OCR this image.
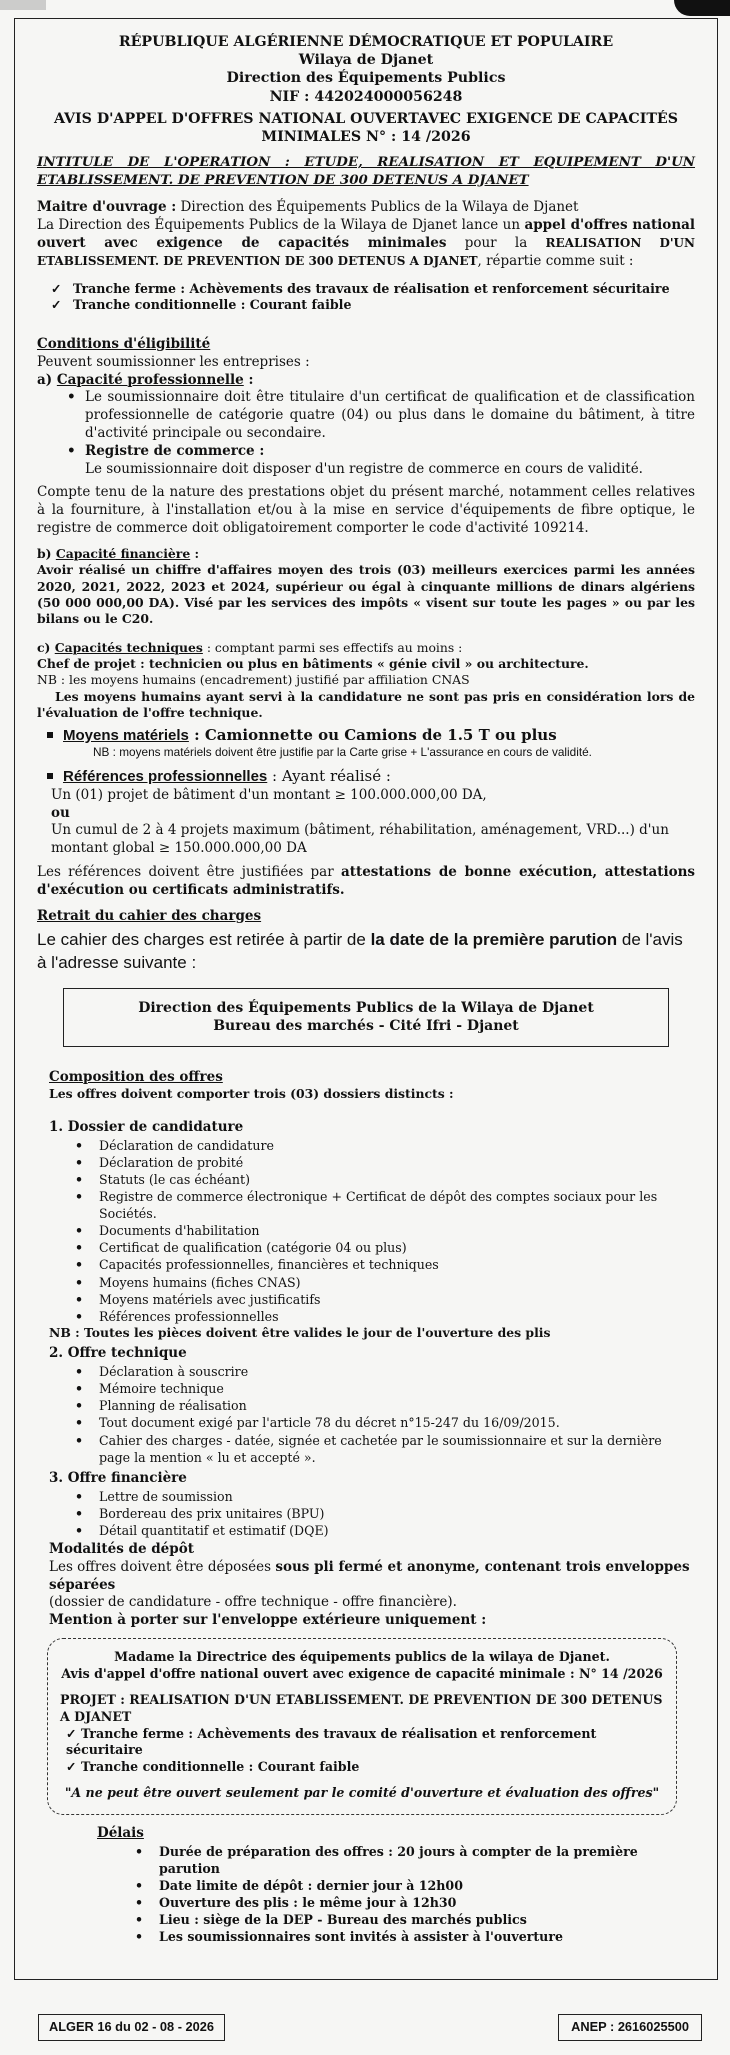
RÉPUBLIQUE ALGÉRIENNE DÉMOCRATIQUE ET POPULAIRE
Wilaya de Djanet
Direction des Équipements Publics
NIF : 442024000056248
AVIS D'APPEL D'OFFRES NATIONAL OUVERTAVEC EXIGENCE DE CAPACITÉS
MINIMALES N° : 14 /2026

INTITULE DE L'OPERATION : ETUDE, REALISATION ET EQUIPEMENT D'UN ETABLISSEMENT. DE PREVENTION DE 300 DETENUS A DJANET

Maitre d'ouvrage : Direction des Équipements Publics de la Wilaya de Djanet
La Direction des Équipements Publics de la Wilaya de Djanet lance un appel d'offres national ouvert avec exigence de capacités minimales pour la REALISATION D'UN ETABLISSEMENT. DE PREVENTION DE 300 DETENUS A DJANET, répartie comme suit :

✓ Tranche ferme : Achèvements des travaux de réalisation et renforcement sécuritaire
✓ Tranche conditionnelle : Courant faible
Conditions d'éligibilité

Peuvent soumissionner les entreprises :

a) Capacité professionnelle :

• Le soumissionnaire doit être titulaire d'un certificat de qualification et de classification professionnelle de catégorie quatre (04) ou plus dans le domaine du bâtiment, à titre d'activité principale ou secondaire.
• Registre de commerce :
Le soumissionnaire doit disposer d'un registre de commerce en cours de validité.

Compte tenu de la nature des prestations objet du présent marché, notamment celles relatives à la fourniture, à l'installation et/ou à la mise en service d'équipements de fibre optique, le registre de commerce doit obligatoirement comporter le code d'activité 109214.

b) Capacité financière :

Avoir réalisé un chiffre d'affaires moyen des trois (03) meilleurs exercices parmi les années 2020, 2021, 2022, 2023 et 2024, supérieur ou égal à cinquante millions de dinars algériens (50 000 000,00 DA). Visé par les services des impôts « visent sur toute les pages » ou par les bilans ou le C20.

c) Capacités techniques : comptant parmi ses effectifs au moins :

Chef de projet : technicien ou plus en bâtiments « génie civil » ou architecture.

NB : les moyens humains (encadrement) justifié par affiliation CNAS

Les moyens humains ayant servi à la candidature ne sont pas pris en considération lors de l'évaluation de l'offre technique.

Moyens matériels : Camionnette ou Camions de 1.5 T ou plus

NB : moyens matériels doivent être justifie par la Carte grise + L'assurance en cours de validité.

Références professionnelles : Ayant réalisé :

Un (01) projet de bâtiment d'un montant ≥ 100.000.000,00 DA,

ou

Un cumul de 2 à 4 projets maximum (bâtiment, réhabilitation, aménagement, VRD...) d'un montant global ≥ 150.000.000,00 DA

Les références doivent être justifiées par attestations de bonne exécution, attestations d'exécution ou certificats administratifs.

Retrait du cahier des charges

Le cahier des charges est retirée à partir de la date de la première parution de l'avis à l'adresse suivante :

Direction des Équipements Publics de la Wilaya de Djanet
Bureau des marchés - Cité Ifri - Djanet
Composition des offres

Les offres doivent comporter trois (03) dossiers distincts :

1. Dossier de candidature

• Déclaration de candidature
• Déclaration de probité
• Statuts (le cas échéant)
• Registre de commerce électronique + Certificat de dépôt des comptes sociaux pour les Sociétés.
• Documents d'habilitation
• Certificat de qualification (catégorie 04 ou plus)
• Capacités professionnelles, financières et techniques
• Moyens humains (fiches CNAS)
• Moyens matériels avec justificatifs
• Références professionnelles

NB : Toutes les pièces doivent être valides le jour de l'ouverture des plis

2. Offre technique

• Déclaration à souscrire
• Mémoire technique
• Planning de réalisation
• Tout document exigé par l'article 78 du décret n°15-247 du 16/09/2015.
• Cahier des charges - datée, signée et cachetée par le soumissionnaire et sur la dernière page la mention « lu et accepté ».

3. Offre financière

• Lettre de soumission
• Bordereau des prix unitaires (BPU)
• Détail quantitatif et estimatif (DQE)

Modalités de dépôt

Les offres doivent être déposées sous pli fermé et anonyme, contenant trois enveloppes séparées
(dossier de candidature - offre technique - offre financière).

Mention à porter sur l'enveloppe extérieure uniquement :

Madame la Directrice des équipements publics de la wilaya de Djanet.
Avis d'appel d'offre national ouvert avec exigence de capacité minimale : N° 14 /2026
PROJET : REALISATION D'UN ETABLISSEMENT. DE PREVENTION DE 300 DETENUS A DJANET
✓ Tranche ferme : Achèvements des travaux de réalisation et renforcement sécuritaire
✓ Tranche conditionnelle : Courant faible
"A ne peut être ouvert seulement par le comité d'ouverture et évaluation des offres"

Délais

• Durée de préparation des offres : 20 jours à compter de la première parution
• Date limite de dépôt : dernier jour à 12h00
• Ouverture des plis : le même jour à 12h30
• Lieu : siège de la DEP - Bureau des marchés publics
• Les soumissionnaires sont invités à assister à l'ouverture
ALGER 16 du 02 - 08 - 2026	ANEP : 2616025500
